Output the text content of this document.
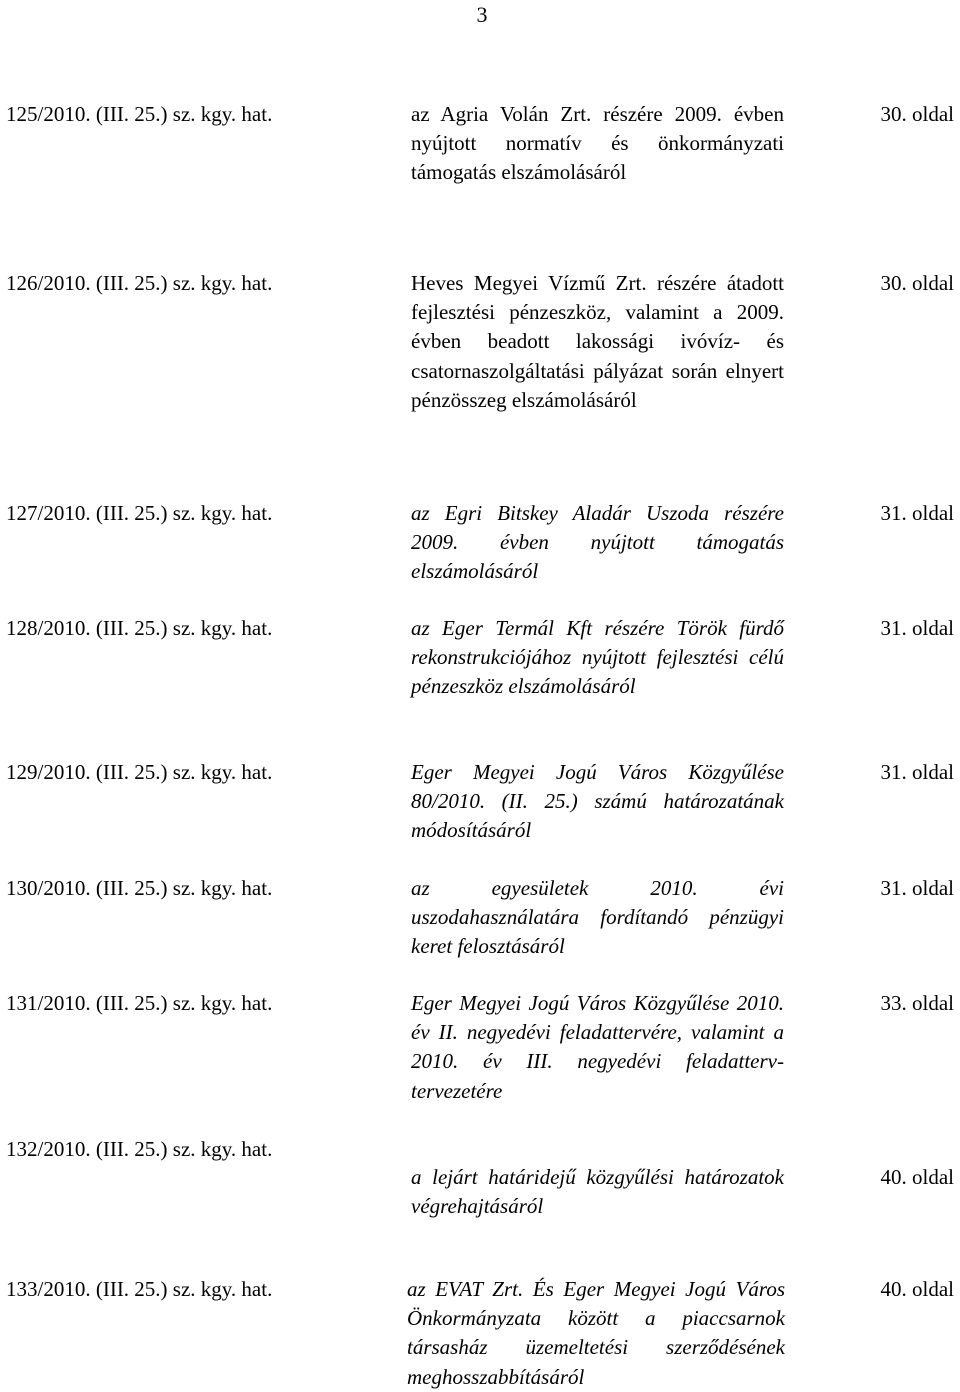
3
125/2010. (III. 25.) sz. kgy. hat.	az Agria Volán Zrt. részére 2009. évben nyújtott normatív és önkormányzati támogatás elszámolásáról
30. oldal
126/2010. (III. 25.) sz. kgy. hat.	Heves Megyei Vízmű Zrt. részére átadott fejlesztési pénzeszköz, valamint a 2009. évben beadott lakossági ivóvíz- és csatornaszolgáltatási pályázat során elnyert pénzösszeg elszámolásáról
30. oldal
127/2010. (III. 25.) sz. kgy. hat.	az Egri Bitskey Aladár Uszoda részére 2009. évben nyújtott támogatás elszámolásáról
31. oldal
128/2010. (III. 25.) sz. kgy. hat.	az Eger Termál Kft részére Török fürdő rekonstrukciójához nyújtott fejlesztési célú pénzeszköz elszámolásáról
31. oldal
129/2010. (III. 25.) sz. kgy. hat.	Eger Megyei Jogú Város Közgyűlése 80/2010. (II. 25.) számú határozatának módosításáról
31. oldal
130/2010. (III. 25.) sz. kgy. hat.	az egyesületek 2010. évi uszodahasználatára fordítandó pénzügyi keret felosztásáról
31. oldal
131/2010. (III. 25.) sz. kgy. hat.	Eger Megyei Jogú Város Közgyűlése 2010. év II. negyedévi feladattervére, valamint a 2010. év III. negyedévi feladatterv-tervezetére
33. oldal
132/2010. (III. 25.) sz. kgy. hat.
a lejárt határidejű közgyűlési határozatok végrehajtásáról
40. oldal
133/2010. (III. 25.) sz. kgy. hat.	az EVAT Zrt. És Eger Megyei Jogú Város Önkormányzata között a piaccsarnok társasház üzemeltetési szerződésének meghosszabbításáról
40. oldal
